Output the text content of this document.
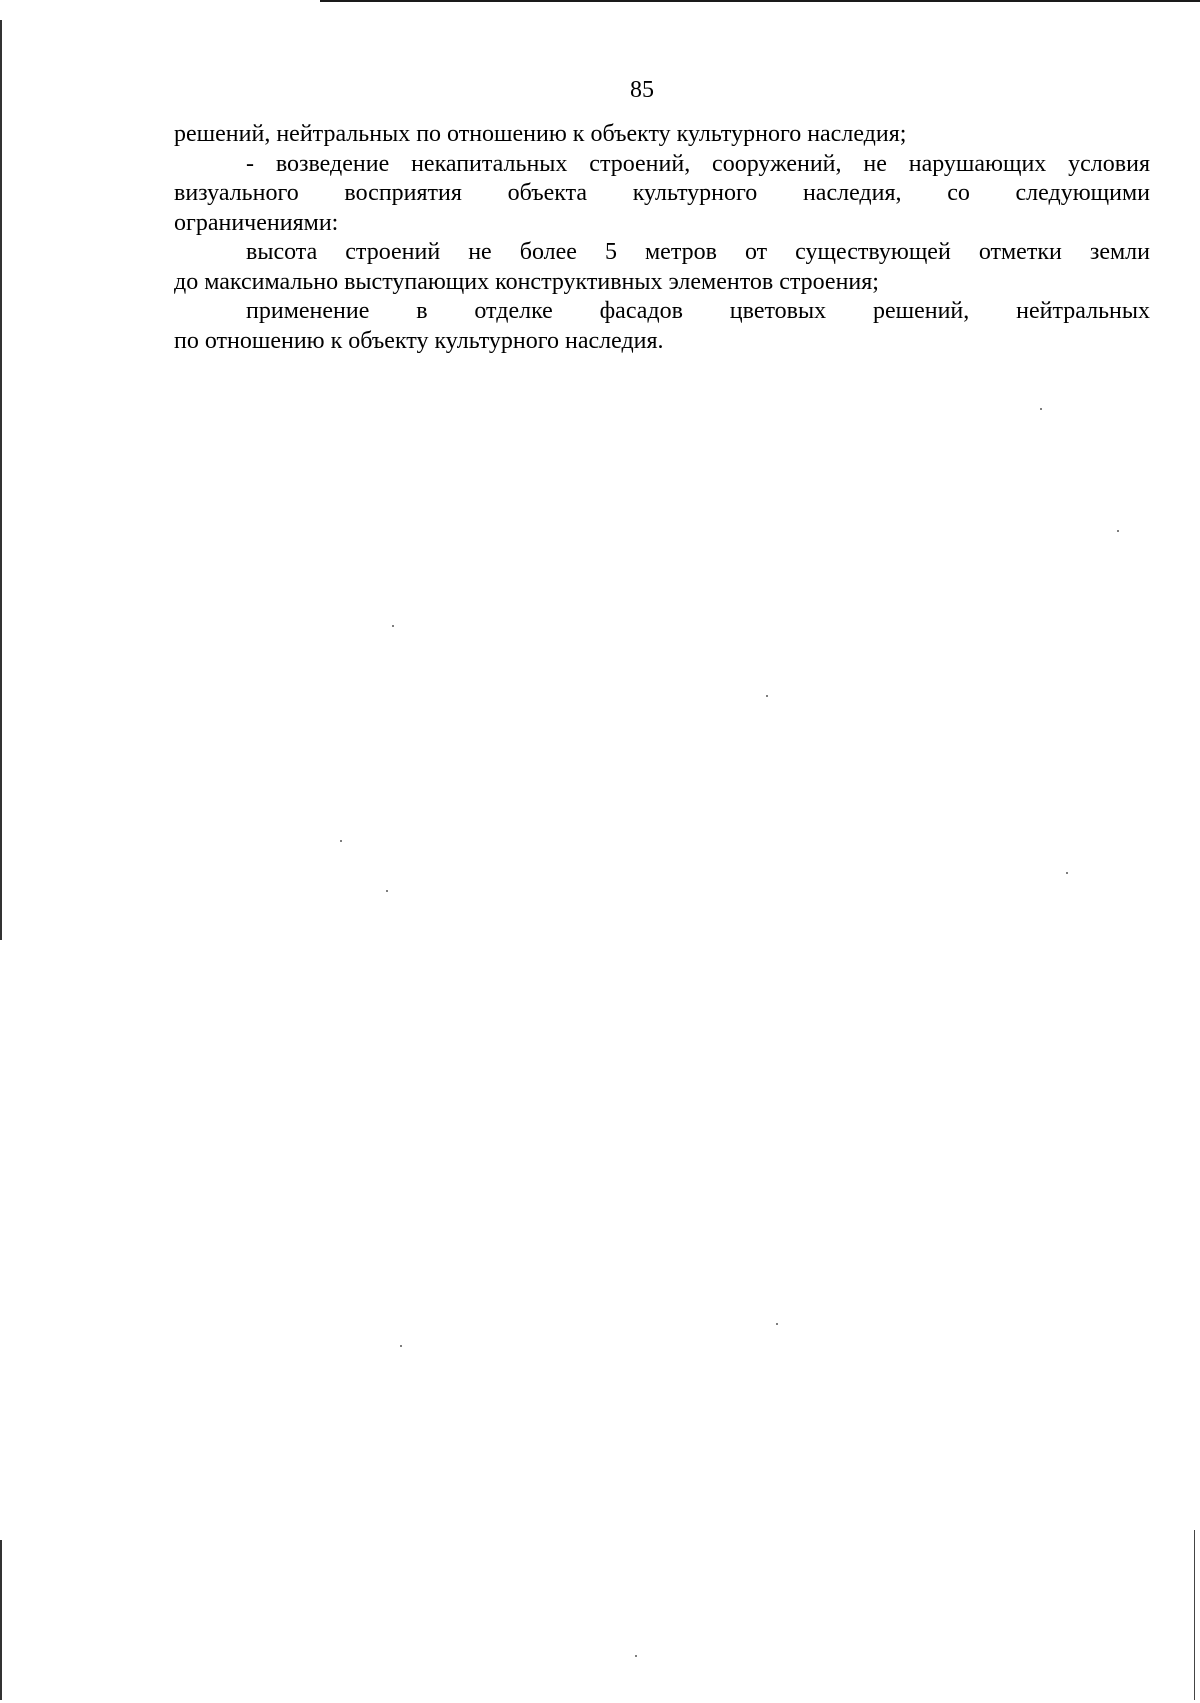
85

решений, нейтральных по отношению к объекту культурного наследия;

- возведение некапитальных строений, сооружений, не нарушающих условия
визуального восприятия объекта культурного наследия, со следующими
ограничениями:

высота строений не более 5 метров от существующей отметки земли
до максимально выступающих конструктивных элементов строения;

применение в отделке фасадов цветовых решений, нейтральных
по отношению к объекту культурного наследия.
